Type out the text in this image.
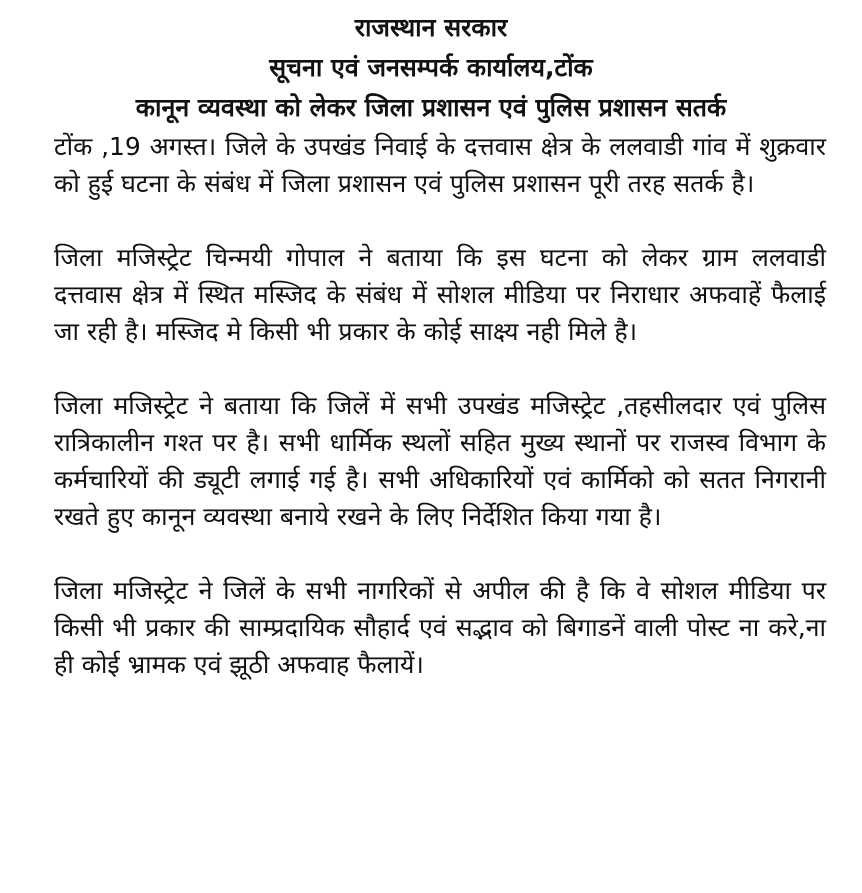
राजस्थान सरकार

सूचना एवं जनसम्पर्क कार्यालय,टोंक

कानून व्यवस्था को लेकर जिला प्रशासन एवं पुलिस प्रशासन सतर्क

टोंक ,19 अगस्त। जिले के उपखंड निवाई के दत्तवास क्षेत्र के ललवाडी गांव में शुक्रवार को हुई घटना के संबंध में जिला प्रशासन एवं पुलिस प्रशासन पूरी तरह सतर्क है।

जिला मजिस्ट्रेट चिन्मयी गोपाल ने बताया कि इस घटना को लेकर ग्राम ललवाडी दत्तवास क्षेत्र में स्थित मस्जिद के संबंध में सोशल मीडिया पर निराधार अफवाहें फैलाई जा रही है। मस्जिद मे किसी भी प्रकार के कोई साक्ष्य नही मिले है।

जिला मजिस्ट्रेट ने बताया कि जिलें में सभी उपखंड मजिस्ट्रेट ,तहसीलदार एवं पुलिस रात्रिकालीन गश्त पर है। सभी धार्मिक स्थलों सहित मुख्य स्थानों पर राजस्व विभाग के कर्मचारियों की ड्यूटी लगाई गई है। सभी अधिकारियों एवं कार्मिको को सतत निगरानी रखते हुए कानून व्यवस्था बनाये रखने के लिए निर्देशित किया गया है।

जिला मजिस्ट्रेट ने जिलें के सभी नागरिकों से अपील की है कि वे सोशल मीडिया पर किसी भी प्रकार की साम्प्रदायिक सौहार्द एवं सद्भाव को बिगाडनें वाली पोस्ट ना करे,ना ही कोई भ्रामक एवं झूठी अफवाह फैलायें।
